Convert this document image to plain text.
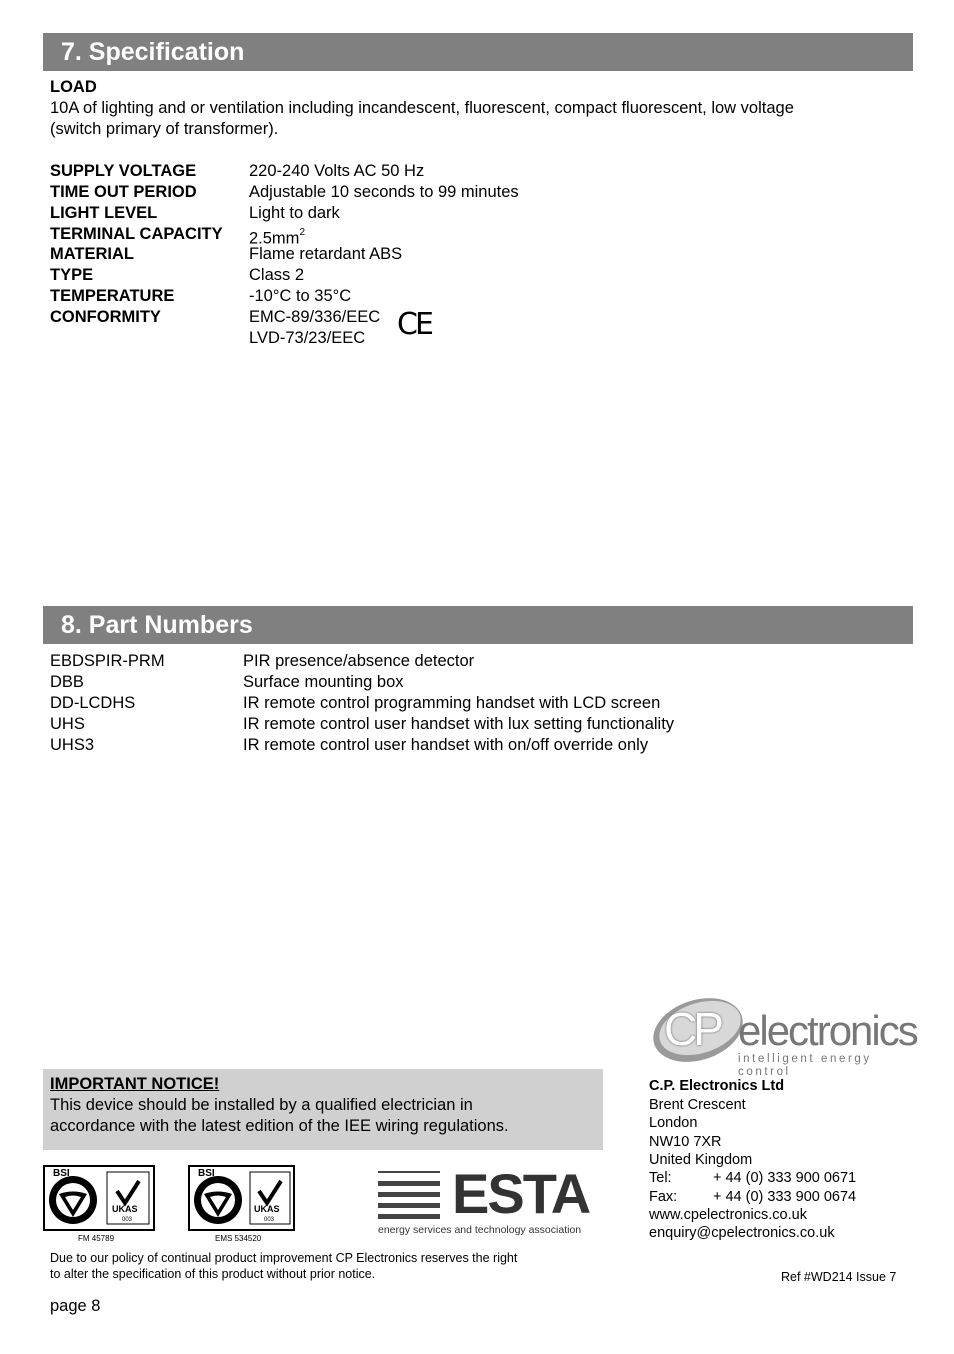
7. Specification
LOAD
10A of lighting and or ventilation including incandescent, fluorescent, compact fluorescent, low voltage
(switch primary of transformer).
SUPPLY VOLTAGE	220-240 Volts AC 50 Hz
TIME OUT PERIOD	Adjustable 10 seconds to 99 minutes
LIGHT LEVEL	Light to dark
TERMINAL CAPACITY $2.5mm^2$
MATERIAL	Flame retardant ABS
TYPE	Class 2
TEMPERATURE	-10°C to 35°C
CONFORMITY	EMC-89/336/EEC
LVD-73/23/EEC CE
8. Part Numbers
EBDSPIR-PRM	PIR presence/absence detector
DBB	Surface mounting box
DD-LCDHS	IR remote control programming handset with LCD screen
UHS	IR remote control user handset with lux setting functionality
UHS3	IR remote control user handset with on/off override only
CP electronics
intelligent energy control
IMPORTANT NOTICE!
This device should be installed by a qualified electrician in
accordance with the latest edition of the IEE wiring regulations.
C.P. Electronics Ltd
Brent Crescent
London
NW10 7XR
United Kingdom
Tel:	+ 44 (0) 333 900 0671
Fax: + 44 (0) 333 900 0674
www.cpelectronics.co.uk
enquiry@cpelectronics.co.uk
BSI
UKAS
003
FM 45789
BSI
UKAS
003
EMS 534520
ESTA
energy services and technology association
Due to our policy of continual product improvement CP Electronics reserves the right
to alter the specification of this product without prior notice.	Ref #WD214 Issue 7
page 8
